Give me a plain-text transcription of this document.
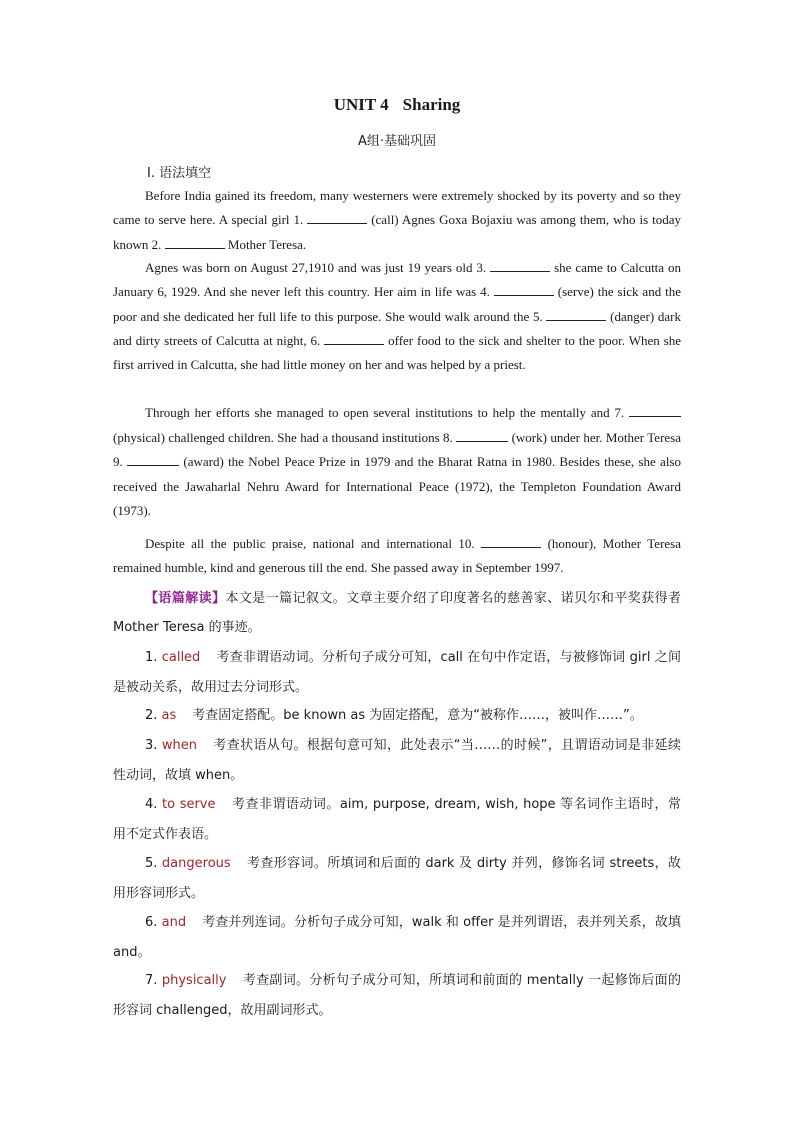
UNIT 4 Sharing
A组·基础巩固
Ⅰ. 语法填空

Before India gained its freedom, many westerners were extremely shocked by its poverty and so they came to serve here. A special girl 1.	(call) Agnes Goxa Bojaxiu was among them, who is today known 2.	Mother Teresa.

Agnes was born on August 27,1910 and was just 19 years old 3.	she came to Calcutta on January 6, 1929. And she never left this country. Her aim in life was 4.	(serve) the sick and the poor and she dedicated her full life to this purpose. She would walk around the 5.	(danger) dark and dirty streets of Calcutta at night, 6.	offer food to the sick and shelter to the poor. When she first arrived in Calcutta, she had little money on her and was helped by a priest.

Through her efforts she managed to open several institutions to help the mentally and 7. (physical) challenged children. She had a thousand institutions 8.	(work) under her. Mother Teresa 9.	(award) the Nobel Peace Prize in 1979 and the Bharat Ratna in 1980. Besides these, she also received the Jawaharlal Nehru Award for International Peace (1972), the Templeton Foundation Award (1973).

Despite all the public praise, national and international 10.	(honour), Mother Teresa remained humble, kind and generous till the end. She passed away in September 1997.

【语篇解读】本文是一篇记叙文。文章主要介绍了印度著名的慈善家、诺贝尔和平奖获得者 Mother Teresa 的事迹。

1. called 考查非谓语动词。分析句子成分可知，call 在句中作定语，与被修饰词 girl 之间是被动关系，故用过去分词形式。

2. as 考查固定搭配。be known as 为固定搭配，意为“被称作……，被叫作……”。

3. when 考查状语从句。根据句意可知，此处表示“当……的时候”，且谓语动词是非延续性动词，故填 when。

4. to serve 考查非谓语动词。aim, purpose, dream, wish, hope 等名词作主语时，常用不定式作表语。

5. dangerous 考查形容词。所填词和后面的 dark 及 dirty 并列，修饰名词 streets，故用形容词形式。

6. and 考查并列连词。分析句子成分可知，walk 和 offer 是并列谓语，表并列关系，故填 and。

7. physically 考查副词。分析句子成分可知，所填词和前面的 mentally 一起修饰后面的形容词 challenged，故用副词形式。
